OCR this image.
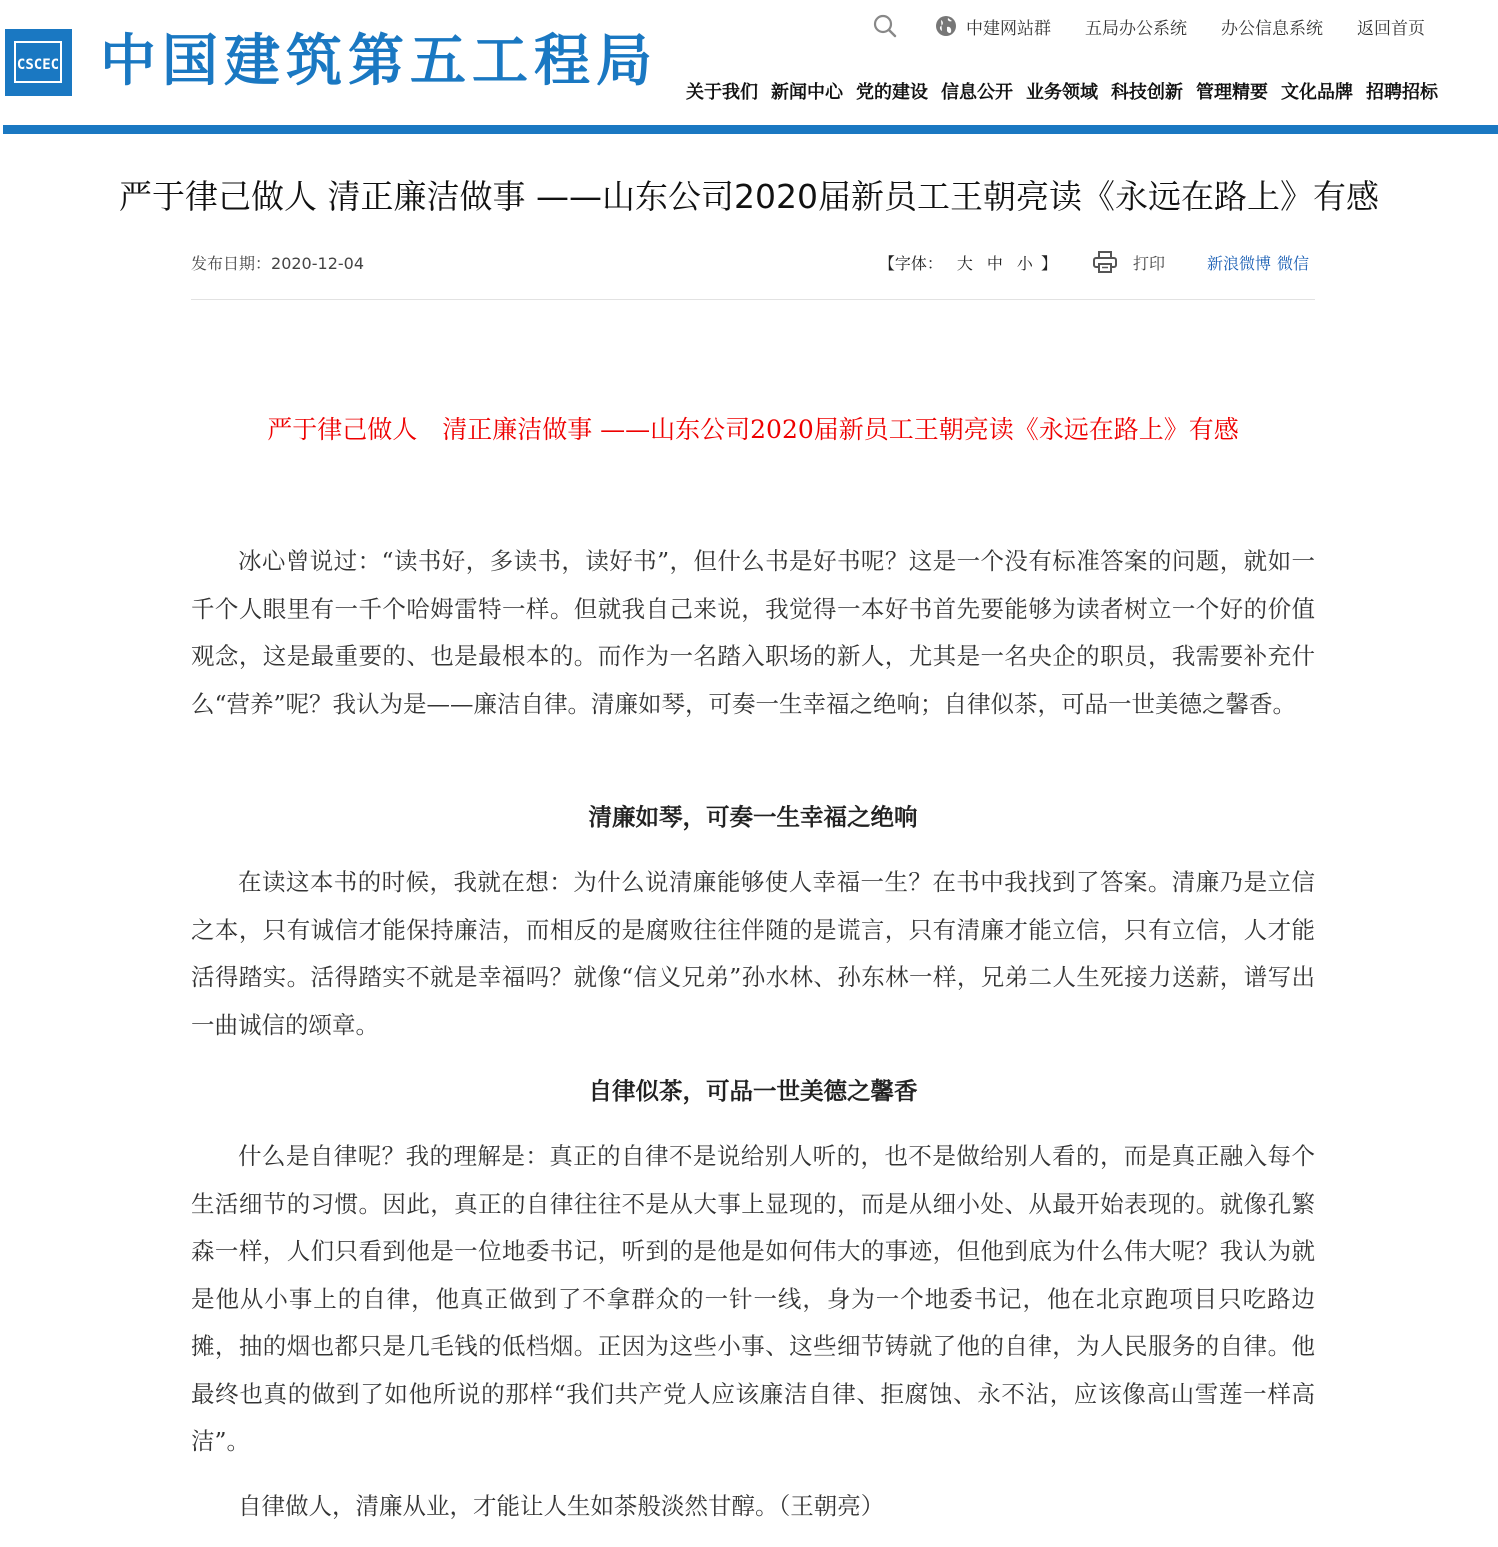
CSCEC 中国建筑第五工程局
中建网站群 五局办公系统 办公信息系统 返回首页
关于我们 新闻中心 党的建设 信息公开 业务领域 科技创新 管理精要 文化品牌 招聘招标
严于律己做人 清正廉洁做事 ——山东公司2020届新员工王朝亮读《永远在路上》有感
发布日期：2020-12-04	【字体： 大 中 小 】	打印	新浪微博 微信
严于律己做人　清正廉洁做事 ——山东公司2020届新员工王朝亮读《永远在路上》有感

冰心曾说过：“读书好，多读书，读好书”，但什么书是好书呢？这是一个没有标准答案的问题，就如一千个人眼里有一千个哈姆雷特一样。但就我自己来说，我觉得一本好书首先要能够为读者树立一个好的价值观念，这是最重要的、也是最根本的。而作为一名踏入职场的新人，尤其是一名央企的职员，我需要补充什么“营养”呢？我认为是——廉洁自律。清廉如琴，可奏一生幸福之绝响；自律似茶，可品一世美德之馨香。

清廉如琴，可奏一生幸福之绝响

在读这本书的时候，我就在想：为什么说清廉能够使人幸福一生？在书中我找到了答案。清廉乃是立信之本，只有诚信才能保持廉洁，而相反的是腐败往往伴随的是谎言，只有清廉才能立信，只有立信，人才能活得踏实。活得踏实不就是幸福吗？就像“信义兄弟”孙水林、孙东林一样，兄弟二人生死接力送薪，谱写出一曲诚信的颂章。

自律似茶，可品一世美德之馨香

什么是自律呢？我的理解是：真正的自律不是说给别人听的，也不是做给别人看的，而是真正融入每个生活细节的习惯。因此，真正的自律往往不是从大事上显现的，而是从细小处、从最开始表现的。就像孔繁森一样，人们只看到他是一位地委书记，听到的是他是如何伟大的事迹，但他到底为什么伟大呢？我认为就是他从小事上的自律，他真正做到了不拿群众的一针一线，身为一个地委书记，他在北京跑项目只吃路边摊，抽的烟也都只是几毛钱的低档烟。正因为这些小事、这些细节铸就了他的自律，为人民服务的自律。他最终也真的做到了如他所说的那样“我们共产党人应该廉洁自律、拒腐蚀、永不沾，应该像高山雪莲一样高洁”。

自律做人，清廉从业，才能让人生如茶般淡然甘醇。（王朝亮）
